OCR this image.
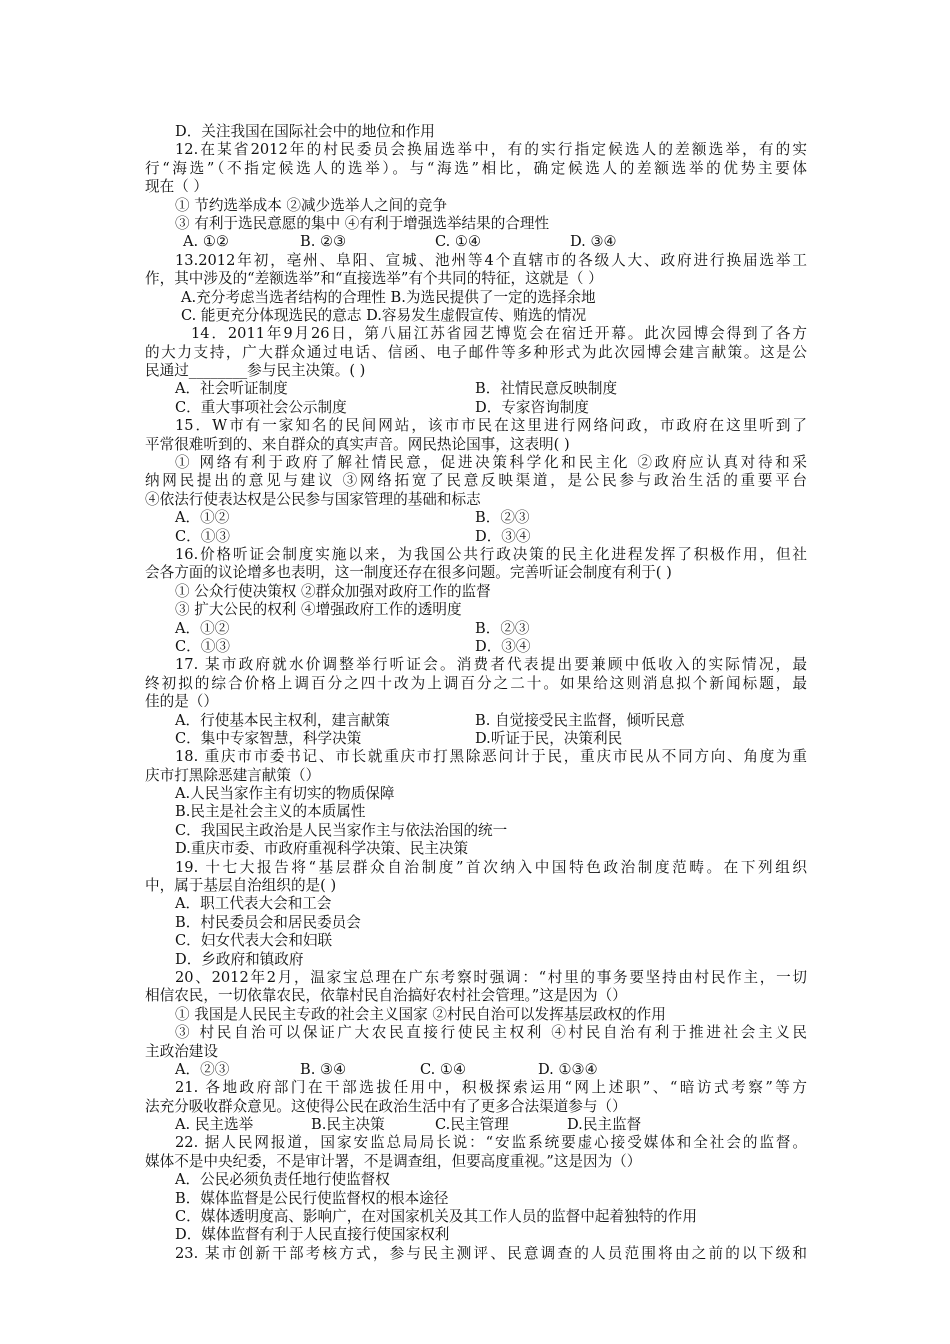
D．关注我国在国际社会中的地位和作用
12.在某省2012年的村民委员会换届选举中，有的实行指定候选人的差额选举，有的实
行“海选”（不指定候选人的选举）。与“海选”相比，确定候选人的差额选举的优势主要体
现在（ ）
① 节约选举成本 ②减少选举人之间的竞争
③ 有利于选民意愿的集中 ④有利于增强选举结果的合理性
A. ①②	B. ②③	C. ①④	D. ③④
13.2012年初，亳州、阜阳、宣城、池州等4个直辖市的各级人大、政府进行换届选举工
作，其中涉及的“差额选举”和“直接选举”有个共同的特征，这就是（ ）
A.充分考虑当选者结构的合理性 B.为选民提供了一定的选择余地
C. 能更充分体现选民的意志 D.容易发生虚假宣传、贿选的情况
14．2011年9月26日，第八届江苏省园艺博览会在宿迁开幕。此次园博会得到了各方
的大力支持，广大群众通过电话、信函、电子邮件等多种形式为此次园博会建言献策。这是公
民通过________参与民主决策。( )
A．社会听证制度	B．社情民意反映制度
C．重大事项社会公示制度	D．专家咨询制度
15．W市有一家知名的民间网站，该市市民在这里进行网络问政，市政府在这里听到了
平常很难听到的、来自群众的真实声音。网民热论国事，这表明( )
① 网络有利于政府了解社情民意，促进决策科学化和民主化 ②政府应认真对待和采
纳网民提出的意见与建议 ③网络拓宽了民意反映渠道，是公民参与政治生活的重要平台
④依法行使表达权是公民参与国家管理的基础和标志
A．①②	B．②③
C．①③	D．③④
16.价格听证会制度实施以来，为我国公共行政决策的民主化进程发挥了积极作用，但社
会各方面的议论增多也表明，这一制度还存在很多问题。完善听证会制度有利于( )
① 公众行使决策权 ②群众加强对政府工作的监督
③ 扩大公民的权利 ④增强政府工作的透明度
A．①②	B．②③
C．①③	D．③④
17. 某市政府就水价调整举行听证会。消费者代表提出要兼顾中低收入的实际情况，最
终初拟的综合价格上调百分之四十改为上调百分之二十。如果给这则消息拟个新闻标题，最
佳的是（）
A．行使基本民主权利，建言献策	B. 自觉接受民主监督，倾听民意
C．集中专家智慧，科学决策	D.听证于民，决策利民
18. 重庆市市委书记、市长就重庆市打黑除恶问计于民，重庆市民从不同方向、角度为重
庆市打黑除恶建言献策（）
A.人民当家作主有切实的物质保障
B.民主是社会主义的本质属性
C．我国民主政治是人民当家作主与依法治国的统一
D.重庆市委、市政府重视科学决策、民主决策
19. 十七大报告将“基层群众自治制度”首次纳入中国特色政治制度范畴。在下列组织
中，属于基层自治组织的是( )
A．职工代表大会和工会
B．村民委员会和居民委员会
C．妇女代表大会和妇联
D．乡政府和镇政府
20、2012年2月，温家宝总理在广东考察时强调：“村里的事务要坚持由村民作主，一切
相信农民，一切依靠农民，依靠村民自治搞好农村社会管理。”这是因为（）
① 我国是人民民主专政的社会主义国家 ②村民自治可以发挥基层政权的作用
③ 村民自治可以保证广大农民直接行使民主权利 ④村民自治有利于推进社会主义民
主政治建设
A．②③	B. ③④	C. ①④	D. ①③④
21. 各地政府部门在干部选拔任用中，积极探索运用“网上述职”、“暗访式考察”等方
法充分吸收群众意见。这使得公民在政治生活中有了更多合法渠道参与（）
A. 民主选举	B.民主决策	C.民主管理	D.民主监督
22. 据人民网报道，国家安监总局局长说：“安监系统要虚心接受媒体和全社会的监督。
媒体不是中央纪委，不是审计署，不是调查组，但要高度重视。”这是因为（）
A．公民必须负责任地行使监督权
B．媒体监督是公民行使监督权的根本途径
C．媒体透明度高、影响广，在对国家机关及其工作人员的监督中起着独特的作用
D．媒体监督有利于人民直接行使国家权利
23. 某市创新干部考核方式，参与民主测评、民意调查的人员范围将由之前的以下级和
